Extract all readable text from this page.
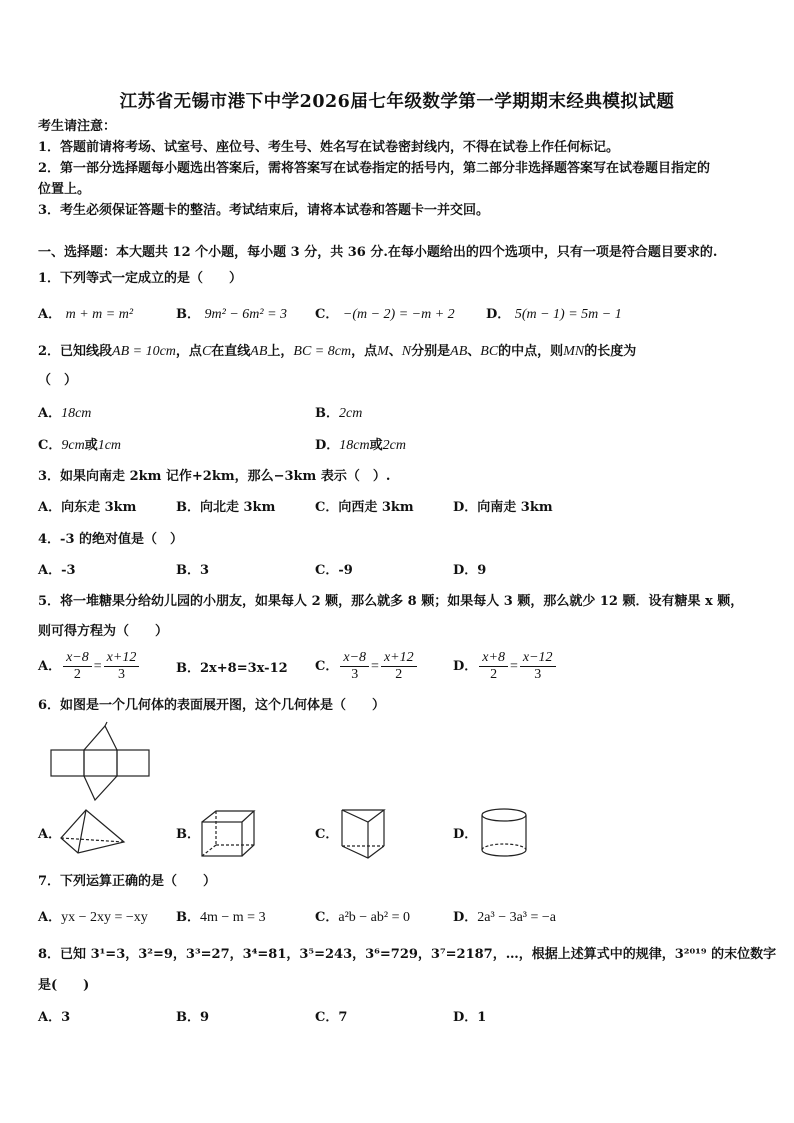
江苏省无锡市港下中学2026届七年级数学第一学期期末经典模拟试题
考生请注意：
1．答题前请将考场、试室号、座位号、考生号、姓名写在试卷密封线内，不得在试卷上作任何标记。
2．第一部分选择题每小题选出答案后，需将答案写在试卷指定的括号内，第二部分非选择题答案写在试卷题目指定的
位置上。
3．考生必须保证答题卡的整洁。考试结束后，请将本试卷和答题卡一并交回。
一、选择题：本大题共 12 个小题，每小题 3 分，共 36 分.在每小题给出的四个选项中，只有一项是符合题目要求的.
1．下列等式一定成立的是（　　）
A． m + m = m²	B． 9m² − 6m² = 3 C． −(m − 2) = −m + 2 D． 5(m − 1) = 5m − 1
2．已知线段AB = 10cm，点C在直线AB上，BC = 8cm，点M、N分别是AB、BC的中点，则MN的长度为
（　）
A．18cm	B．2cm
C．9cm或1cm	D．18cm或2cm
3．如果向南走 2km 记作+2km，那么−3km 表示（　）.
A．向东走 3km	B．向北走 3km	C．向西走 3km	D．向南走 3km
4．-3 的绝对值是（　）
A．-3	B．3	C．-9	D．9
5．将一堆糖果分给幼儿园的小朋友，如果每人 2 颗，那么就多 8 颗；如果每人 3 颗，那么就少 12 颗．设有糖果 x 颗，
则可得方程为（　　）
A． $\frac{x-8}{2} = \frac{x+12}{3}$	B．2x+8=3x-12 C． $\frac{x-8}{3} = \frac{x+12}{2}$	D． $\frac{x+8}{2} = \frac{x-12}{3}$
6．如图是一个几何体的表面展开图，这个几何体是（　　）
A．	B．	C．	D．
7．下列运算正确的是（　　）
A．yx − 2xy = −xy B．4m − m = 3	C．a²b − ab² = 0	D．2a³ − 3a³ = −a
8．已知 3¹=3，3²=9，3³=27，3⁴=81，3⁵=243，3⁶=729，3⁷=2187，…，根据上述算式中的规律，3²⁰¹⁹ 的末位数字
是(　　)
A．3	B．9	C．7	D．1
